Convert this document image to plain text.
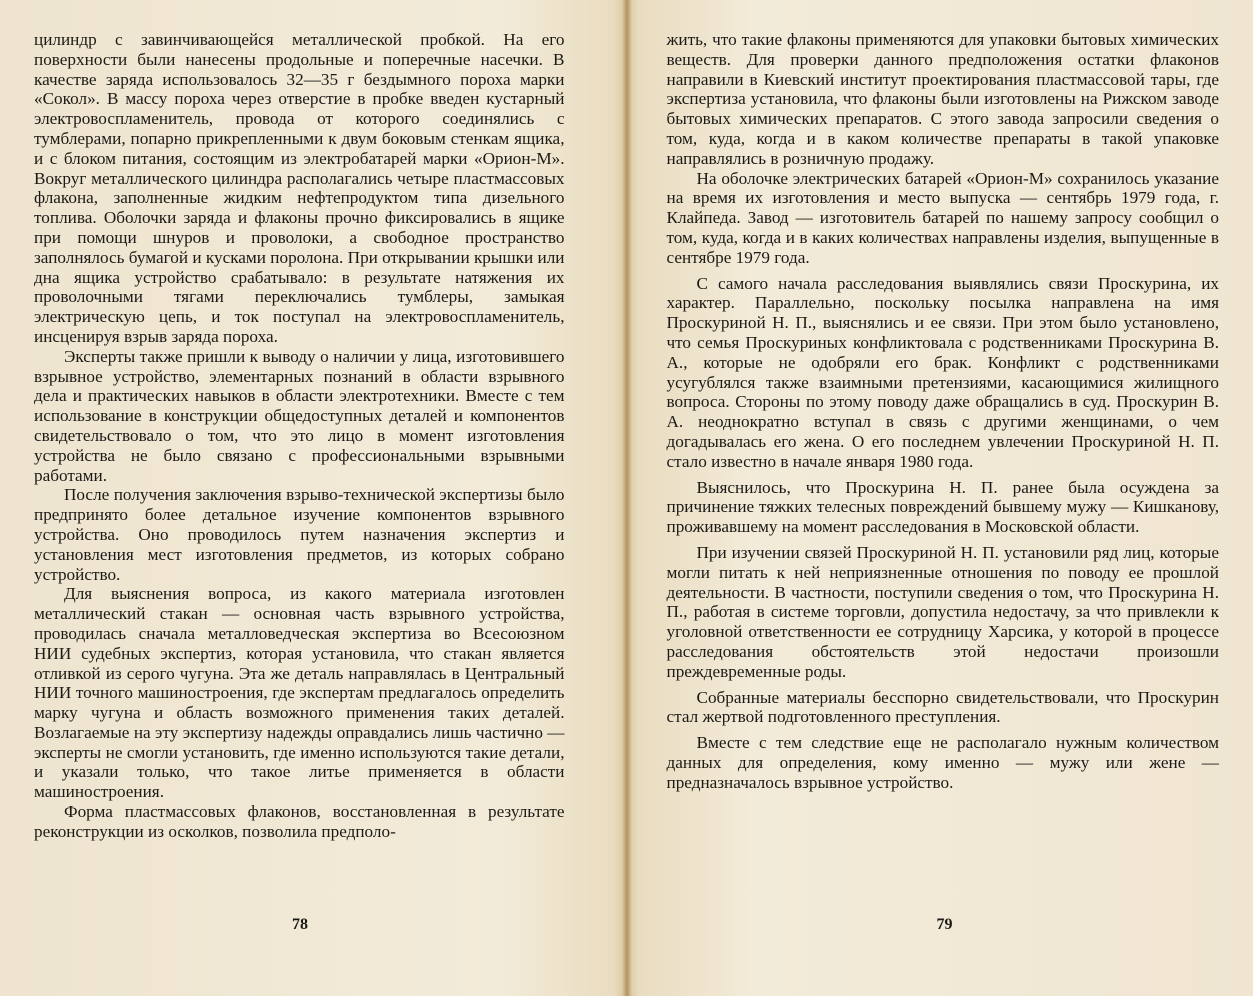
цилиндр с завинчивающейся металлической пробкой. На его поверхности были нанесены продольные и поперечные насечки. В качестве заряда использовалось 32—35 г бездымного пороха марки «Сокол». В массу пороха через отверстие в пробке введен кустарный электровоспламенитель, провода от которого соединялись с тумблерами, попарно прикрепленными к двум боковым стенкам ящика, и с блоком питания, состоящим из электробатарей марки «Орион-М». Вокруг металлического цилиндра располагались четыре пластмассовых флакона, заполненные жидким нефтепродуктом типа дизельного топлива. Оболочки заряда и флаконы прочно фиксировались в ящике при помощи шнуров и проволоки, а свободное пространство заполнялось бумагой и кусками поролона. При открывании крышки или дна ящика устройство срабатывало: в результате натяжения их проволочными тягами переключались тумблеры, замыкая электрическую цепь, и ток поступал на электровоспламенитель, инсценируя взрыв заряда пороха.

Эксперты также пришли к выводу о наличии у лица, изготовившего взрывное устройство, элементарных познаний в области взрывного дела и практических навыков в области электротехники. Вместе с тем использование в конструкции общедоступных деталей и компонентов свидетельствовало о том, что это лицо в момент изготовления устройства не было связано с профессиональными взрывными работами.

После получения заключения взрыво-технической экспертизы было предпринято более детальное изучение компонентов взрывного устройства. Оно проводилось путем назначения экспертиз и установления мест изготовления предметов, из которых собрано устройство.

Для выяснения вопроса, из какого материала изготовлен металлический стакан — основная часть взрывного устройства, проводилась сначала металловедческая экспертиза во Всесоюзном НИИ судебных экспертиз, которая установила, что стакан является отливкой из серого чугуна. Эта же деталь направлялась в Центральный НИИ точного машиностроения, где экспертам предлагалось определить марку чугуна и область возможного применения таких деталей. Возлагаемые на эту экспертизу надежды оправдались лишь частично — эксперты не смогли установить, где именно используются такие детали, и указали только, что такое литье применяется в области машиностроения.

Форма пластмассовых флаконов, восстановленная в результате реконструкции из осколков, позволила предполо-

78

жить, что такие флаконы применяются для упаковки бытовых химических веществ. Для проверки данного предположения остатки флаконов направили в Киевский институт проектирования пластмассовой тары, где экспертиза установила, что флаконы были изготовлены на Рижском заводе бытовых химических препаратов. С этого завода запросили сведения о том, куда, когда и в каком количестве препараты в такой упаковке направлялись в розничную продажу.

На оболочке электрических батарей «Орион-М» сохранилось указание на время их изготовления и место выпуска — сентябрь 1979 года, г. Клайпеда. Завод — изготовитель батарей по нашему запросу сообщил о том, куда, когда и в каких количествах направлены изделия, выпущенные в сентябре 1979 года.

С самого начала расследования выявлялись связи Проскурина, их характер. Параллельно, поскольку посылка направлена на имя Проскуриной Н. П., выяснялись и ее связи. При этом было установлено, что семья Проскуриных конфликтовала с родственниками Проскурина В. А., которые не одобряли его брак. Конфликт с родственниками усугублялся также взаимными претензиями, касающимися жилищного вопроса. Стороны по этому поводу даже обращались в суд. Проскурин В. А. неоднократно вступал в связь с другими женщинами, о чем догадывалась его жена. О его последнем увлечении Проскуриной Н. П. стало известно в начале января 1980 года.

Выяснилось, что Проскурина Н. П. ранее была осуждена за причинение тяжких телесных повреждений бывшему мужу — Кишканову, проживавшему на момент расследования в Московской области.

При изучении связей Проскуриной Н. П. установили ряд лиц, которые могли питать к ней неприязненные отношения по поводу ее прошлой деятельности. В частности, поступили сведения о том, что Проскурина Н. П., работая в системе торговли, допустила недостачу, за что привлекли к уголовной ответственности ее сотрудницу Харсика, у которой в процессе расследования обстоятельств этой недостачи произошли преждевременные роды.

Собранные материалы бесспорно свидетельствовали, что Проскурин стал жертвой подготовленного преступления.

Вместе с тем следствие еще не располагало нужным количеством данных для определения, кому именно — мужу или жене — предназначалось взрывное устройство.

79
